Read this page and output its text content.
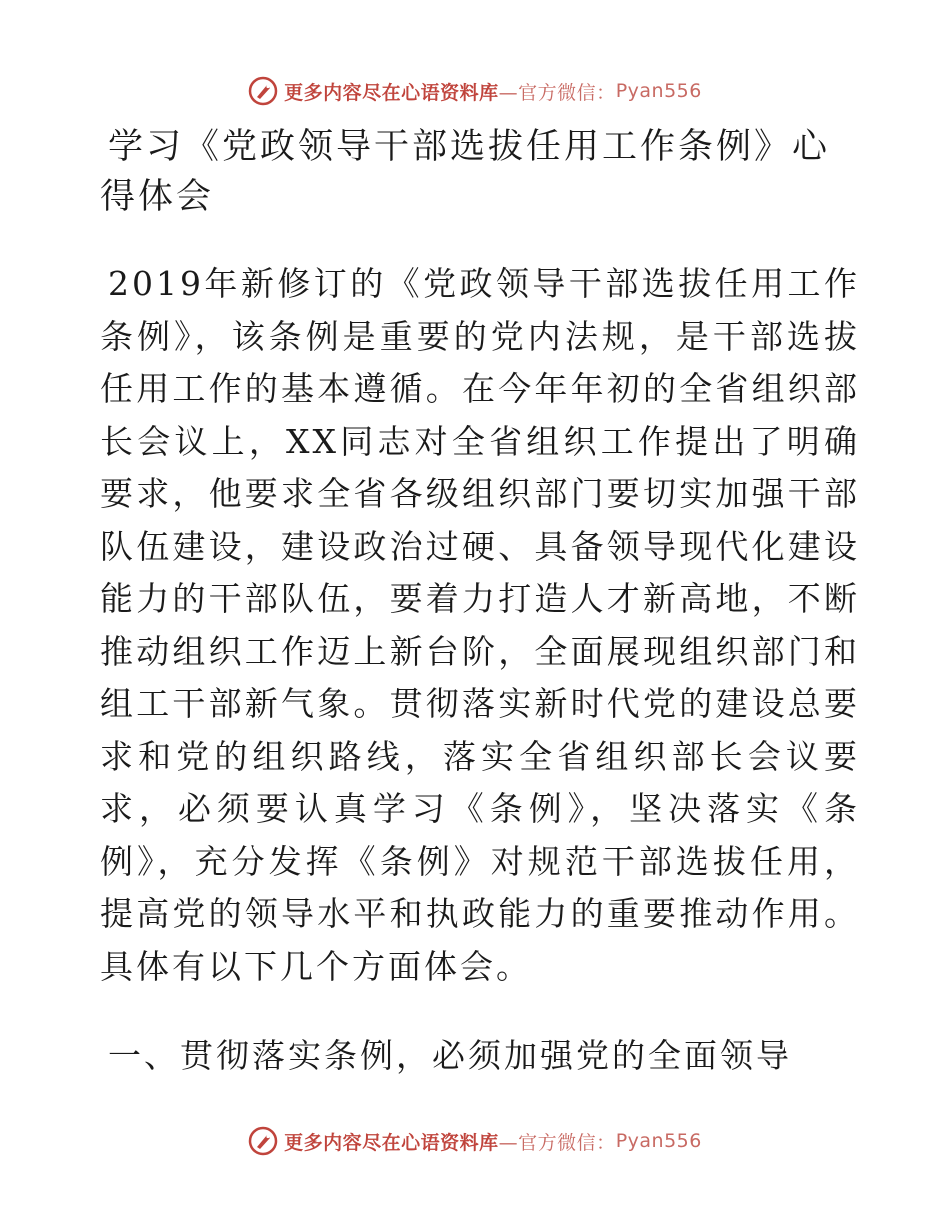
更多内容尽在心语资料库 —官方微信： Pyan556
学习《党政领导干部选拔任用工作条例》心得体会
2019年新修订的《党政领导干部选拔任用工作条例》，该条例是重要的党内法规，是干部选拔任用工作的基本遵循。在今年年初的全省组织部长会议上，XX同志对全省组织工作提出了明确要求，他要求全省各级组织部门要切实加强干部队伍建设，建设政治过硬、具备领导现代化建设能力的干部队伍，要着力打造人才新高地，不断推动组织工作迈上新台阶，全面展现组织部门和组工干部新气象。贯彻落实新时代党的建设总要求和党的组织路线，落实全省组织部长会议要求，必须要认真学习《条例》，坚决落实《条例》，充分发挥《条例》对规范干部选拔任用，提高党的领导水平和执政能力的重要推动作用。具体有以下几个方面体会。
一、贯彻落实条例，必须加强党的全面领导
更多内容尽在心语资料库 —官方微信： Pyan556
